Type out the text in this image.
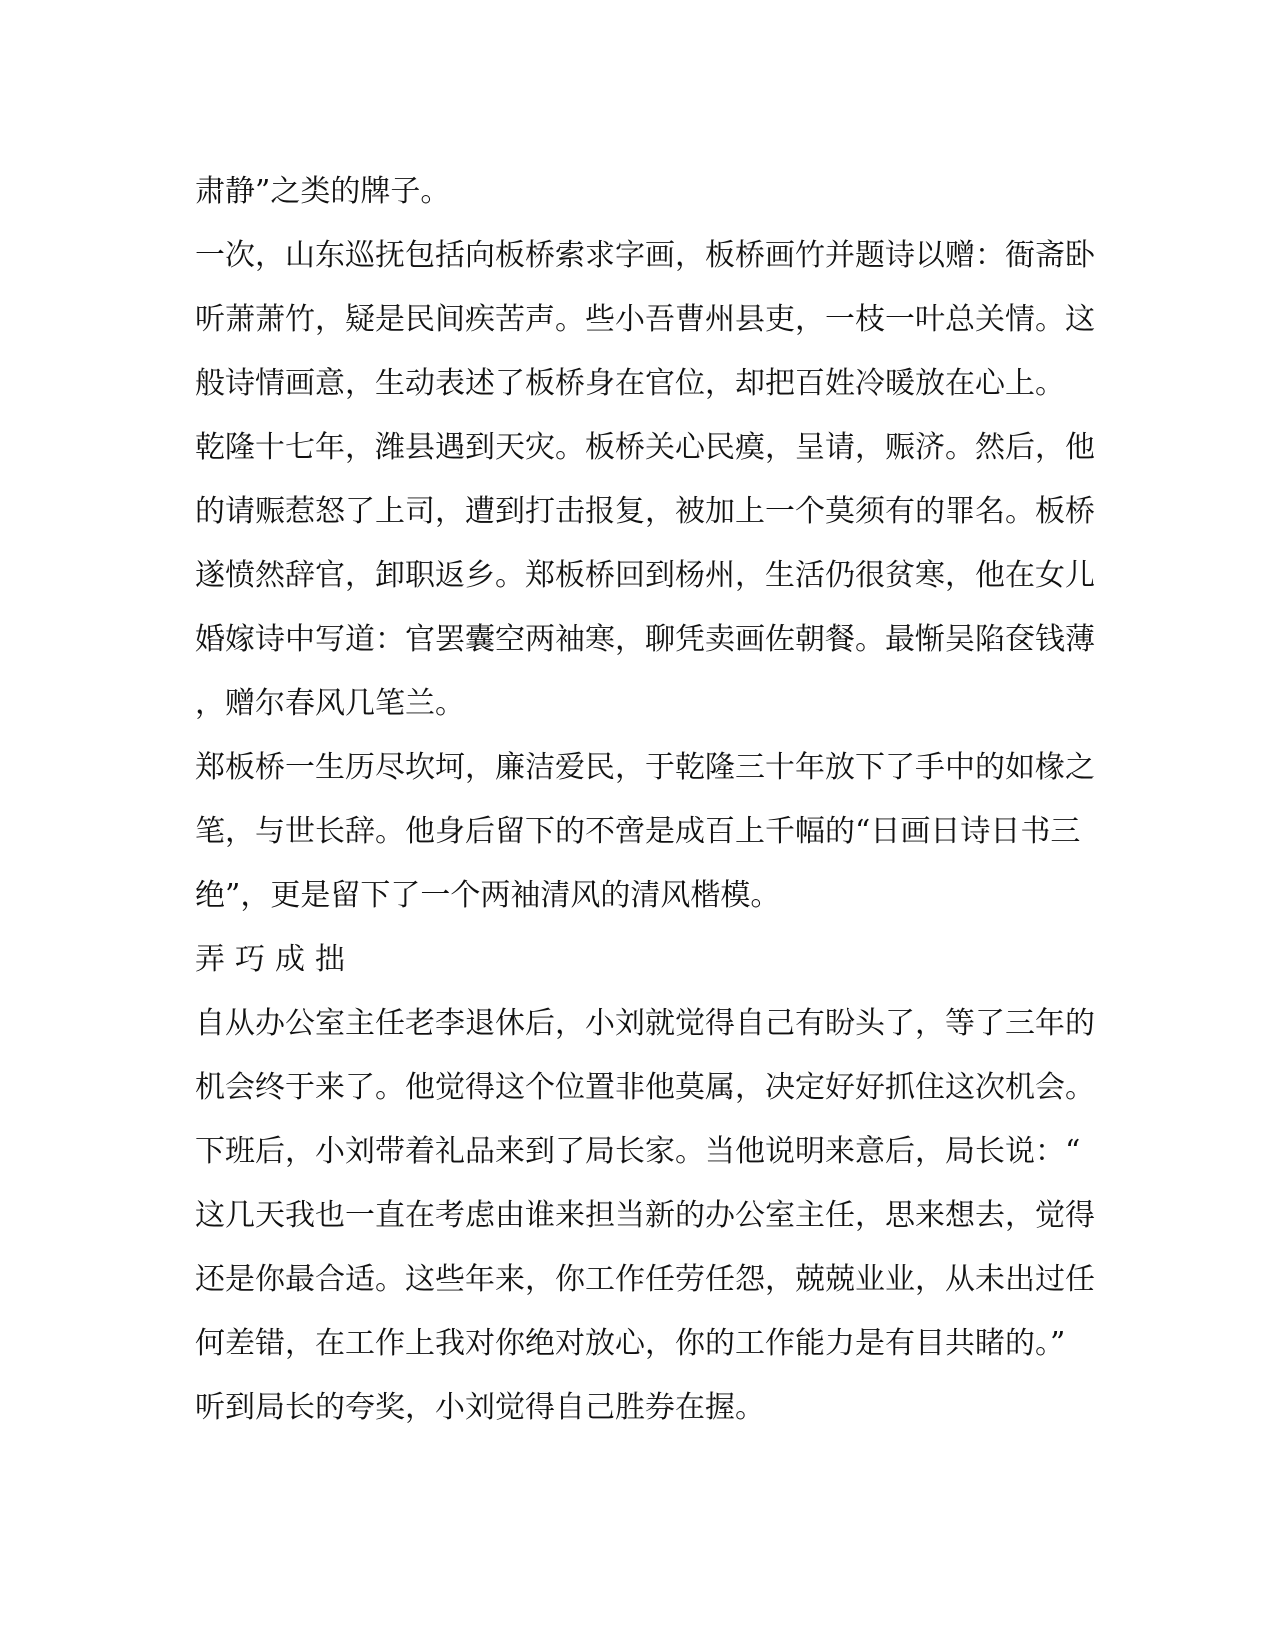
肃静”之类的牌子。
一次，山东巡抚包括向板桥索求字画，板桥画竹并题诗以赠：衙斋卧
听萧萧竹，疑是民间疾苦声。些小吾曹州县吏，一枝一叶总关情。这
般诗情画意，生动表述了板桥身在官位，却把百姓冷暖放在心上。
乾隆十七年，潍县遇到天灾。板桥关心民瘼，呈请，赈济。然后，他
的请赈惹怒了上司，遭到打击报复，被加上一个莫须有的罪名。板桥
遂愤然辞官，卸职返乡。郑板桥回到杨州，生活仍很贫寒，他在女儿
婚嫁诗中写道：官罢囊空两袖寒，聊凭卖画佐朝餐。最惭吴陷奁钱薄
，赠尔春风几笔兰。
郑板桥一生历尽坎坷，廉洁爱民，于乾隆三十年放下了手中的如椽之
笔，与世长辞。他身后留下的不啻是成百上千幅的“日画日诗日书三
绝”，更是留下了一个两袖清风的清风楷模。
弄巧成拙
自从办公室主任老李退休后，小刘就觉得自己有盼头了，等了三年的
机会终于来了。他觉得这个位置非他莫属，决定好好抓住这次机会。
下班后，小刘带着礼品来到了局长家。当他说明来意后，局长说：“
这几天我也一直在考虑由谁来担当新的办公室主任，思来想去，觉得
还是你最合适。这些年来，你工作任劳任怨，兢兢业业，从未出过任
何差错，在工作上我对你绝对放心，你的工作能力是有目共睹的。”
听到局长的夸奖，小刘觉得自己胜券在握。
